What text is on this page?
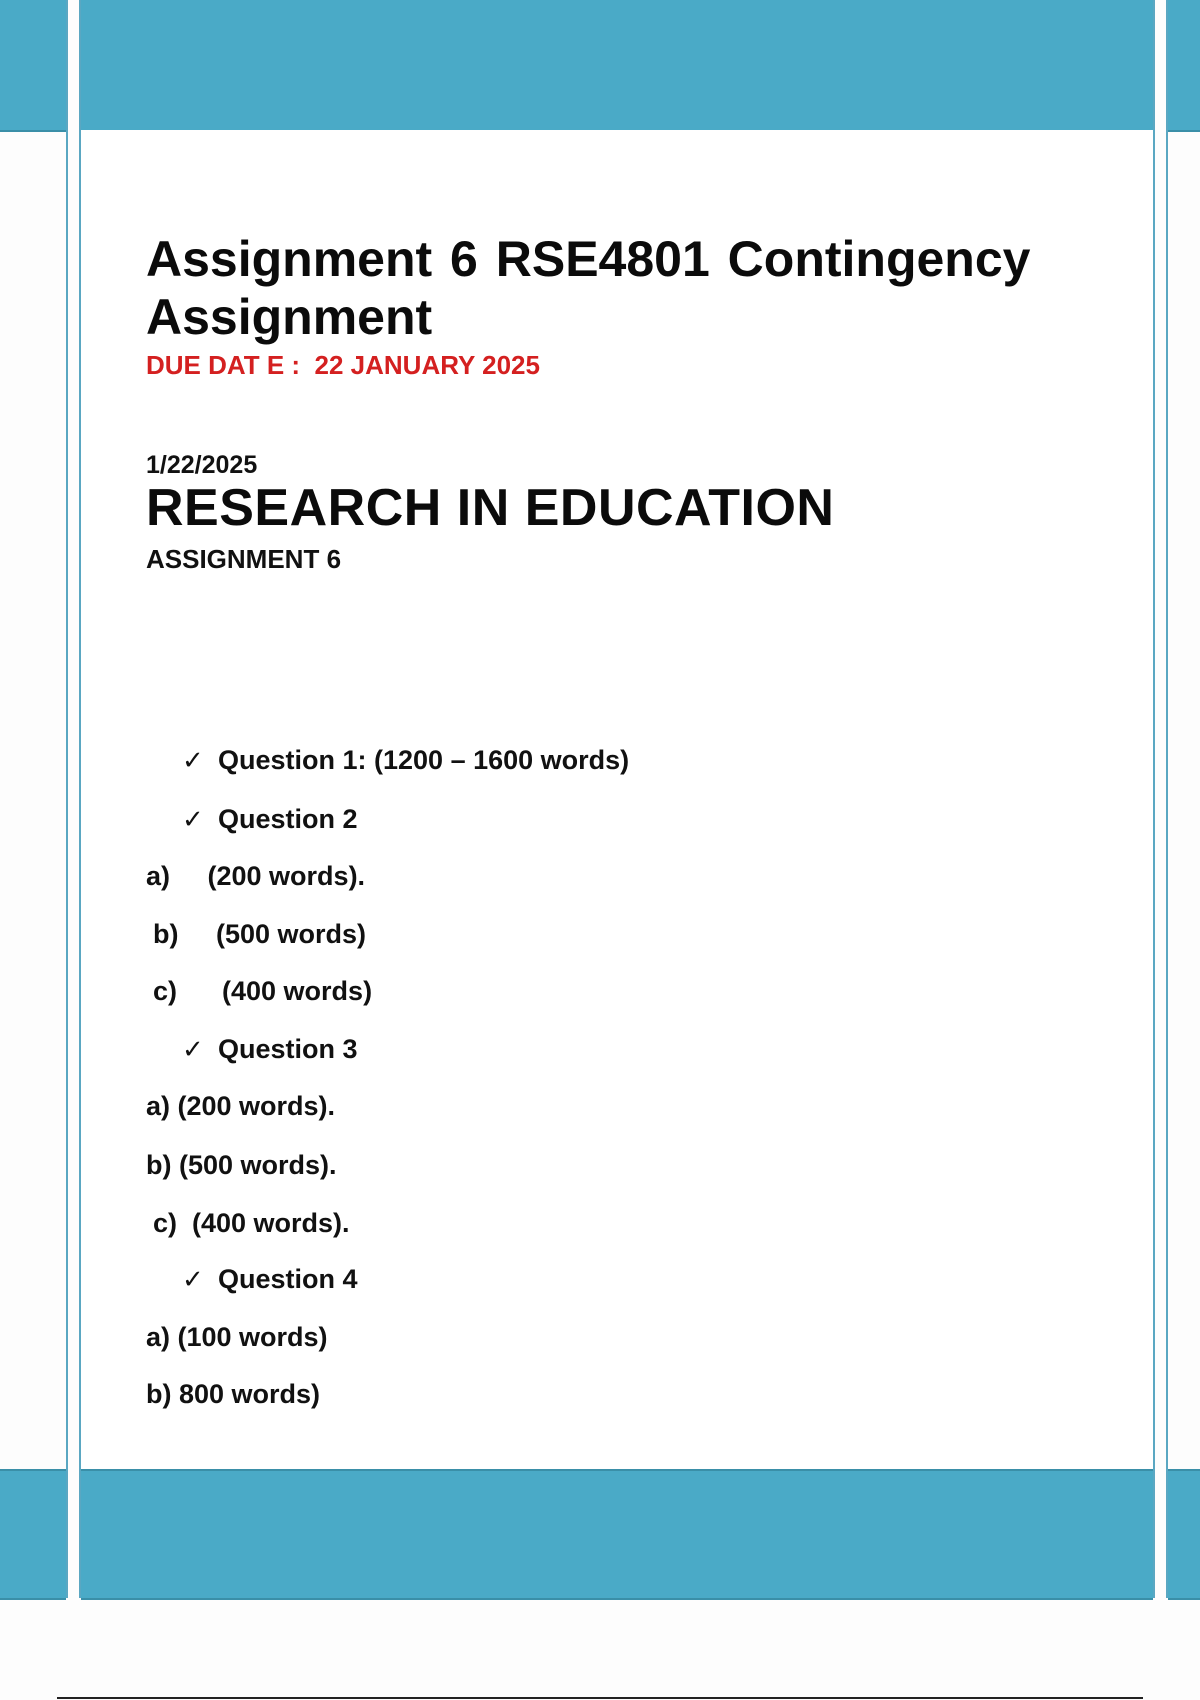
Assignment 6 RSE4801 Contingency Assignment
DUE DAT E :  22 JANUARY 2025
1/22/2025
RESEARCH IN EDUCATION
ASSIGNMENT 6
✓ Question 1: (1200 – 1600 words)
✓ Question 2
a)     (200 words).
b)     (500 words)
c)      (400 words)
✓ Question 3
a) (200 words).
b) (500 words).
c)  (400 words).
✓ Question 4
a) (100 words)
b) 800 words)
